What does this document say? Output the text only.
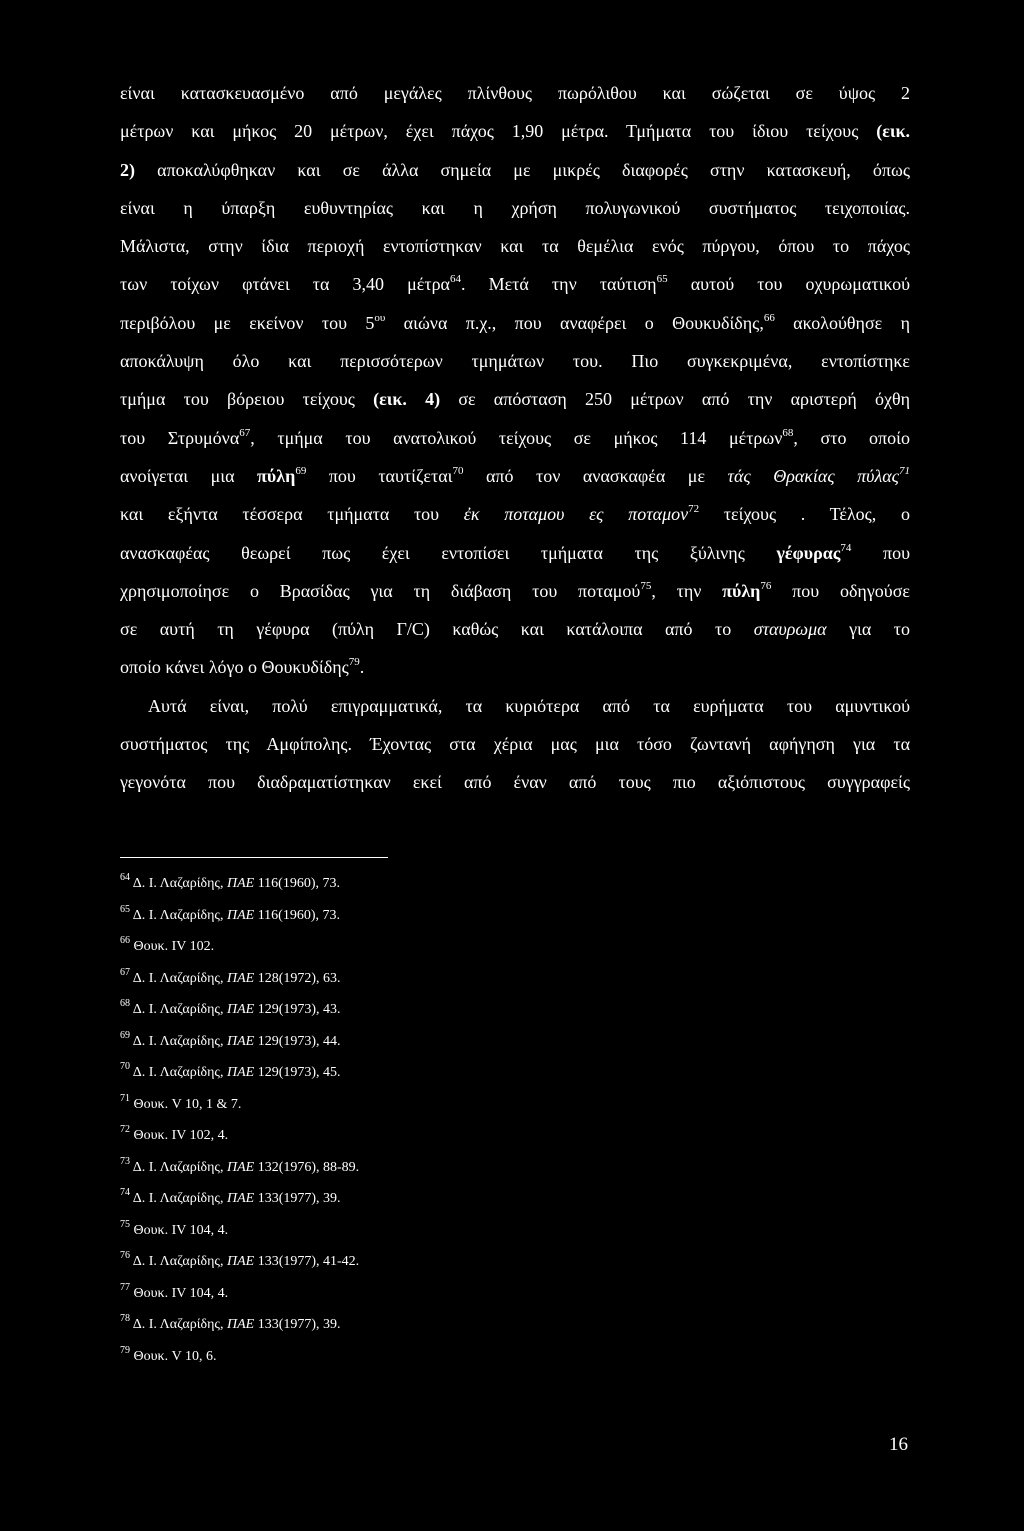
είναι κατασκευασμένο από μεγάλες πλίνθους πωρόλιθου και σώζεται σε ύψος 2
μέτρων και μήκος 20 μέτρων, έχει πάχος 1,90 μέτρα. Τμήματα του ίδιου τείχους (εικ.
2) αποκαλύφθηκαν και σε άλλα σημεία με μικρές διαφορές στην κατασκευή, όπως
είναι η ύπαρξη ευθυντηρίας και η χρήση πολυγωνικού συστήματος τειχοποιίας.
Μάλιστα, στην ίδια περιοχή εντοπίστηκαν και τα θεμέλια ενός πύργου, όπου το πάχος
των τοίχων φτάνει τα 3,40 μέτρα$^{64}$. Μετά την ταύτιση$^{65}$ αυτού του οχυρωματικού
περιβόλου με εκείνον του $5^{o\upsilon}$ αιώνα π.χ., που αναφέρει ο Θουκυδίδης,$^{66}$ ακολούθησε η
αποκάλυψη όλο και περισσότερων τμημάτων του. Πιο συγκεκριμένα, εντοπίστηκε
τμήμα του βόρειου τείχους (εικ. 4) σε απόσταση 250 μέτρων από την αριστερή όχθη
του Στρυμόνα$^{67}$, τμήμα του ανατολικού τείχους σε μήκος 114 μέτρων$^{68}$, στο οποίο
ανοίγεται μια πύλη$^{69}$ που ταυτίζεται$^{70}$ από τον ανασκαφέα με τάς Θρακίας πύλας$^{71}$
και εξήντα τέσσερα τμήματα του ἐκ ποταμου ες ποταμον$^{72}$ τείχους . Τέλος, ο
ανασκαφέας θεωρεί πως έχει εντοπίσει τμήματα της ξύλινης γέφυρας$^{74}$ που
χρησιμοποίησε ο Βρασίδας για τη διάβαση του ποταμού$^{75}$, την πύλη$^{76}$ που οδηγούσε
σε αυτή τη γέφυρα (πύλη Γ/C) καθώς και κατάλοιπα από το σταυρωμα για το
οποίο κάνει λόγο ο Θουκυδίδης$^{79}$.

Αυτά είναι, πολύ επιγραμματικά, τα κυριότερα από τα ευρήματα του αμυντικού
συστήματος της Αμφίπολης. Έχοντας στα χέρια μας μια τόσο ζωντανή αφήγηση για τα
γεγονότα που διαδραματίστηκαν εκεί από έναν από τους πιο αξιόπιστους συγγραφείς

$^{64}$ Δ. Ι. Λαζαρίδης, ΠΑΕ 116(1960), 73.
$^{65}$ Δ. Ι. Λαζαρίδης, ΠΑΕ 116(1960), 73.
$^{66}$ Θουκ. IV 102.
$^{67}$ Δ. Ι. Λαζαρίδης, ΠΑΕ 128(1972), 63.
$^{68}$ Δ. Ι. Λαζαρίδης, ΠΑΕ 129(1973), 43.
$^{69}$ Δ. Ι. Λαζαρίδης, ΠΑΕ 129(1973), 44.
$^{70}$ Δ. Ι. Λαζαρίδης, ΠΑΕ 129(1973), 45.
$^{71}$ Θουκ. V 10, 1 & 7.
$^{72}$ Θουκ. IV 102, 4.
$^{73}$ Δ. Ι. Λαζαρίδης, ΠΑΕ 132(1976), 88-89.
$^{74}$ Δ. Ι. Λαζαρίδης, ΠΑΕ 133(1977), 39.
$^{75}$ Θουκ. IV 104, 4.
$^{76}$ Δ. Ι. Λαζαρίδης, ΠΑΕ 133(1977), 41-42.
$^{77}$ Θουκ. IV 104, 4.
$^{78}$ Δ. Ι. Λαζαρίδης, ΠΑΕ 133(1977), 39.
$^{79}$ Θουκ. V 10, 6.
16
